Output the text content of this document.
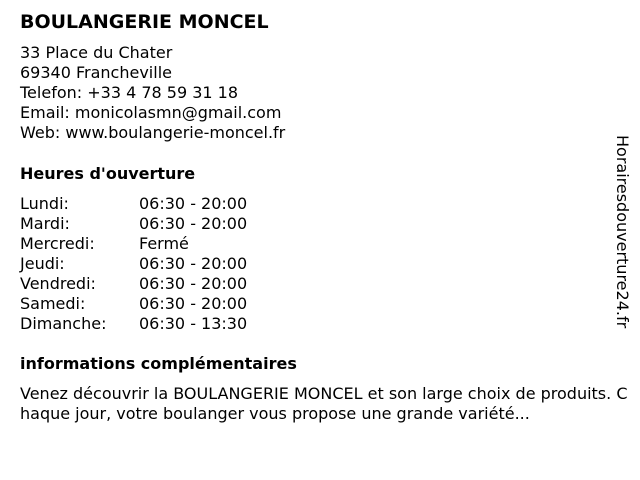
BOULANGERIE MONCEL
33 Place du Chater
69340 Francheville
Telefon: +33 4 78 59 31 18
Email: monicolasmn@gmail.com
Web: www.boulangerie-moncel.fr
Heures d'ouverture
Lundi:	06:30 - 20:00
Mardi:	06:30 - 20:00
Mercredi:	Fermé
Jeudi:	06:30 - 20:00
Vendredi:	06:30 - 20:00
Samedi:	06:30 - 20:00
Dimanche:	06:30 - 13:30
informations complémentaires

Venez découvrir la BOULANGERIE MONCEL et son large choix de produits. Chaque jour, votre boulanger vous propose une grande variété...

Horairesdouverture24.fr
